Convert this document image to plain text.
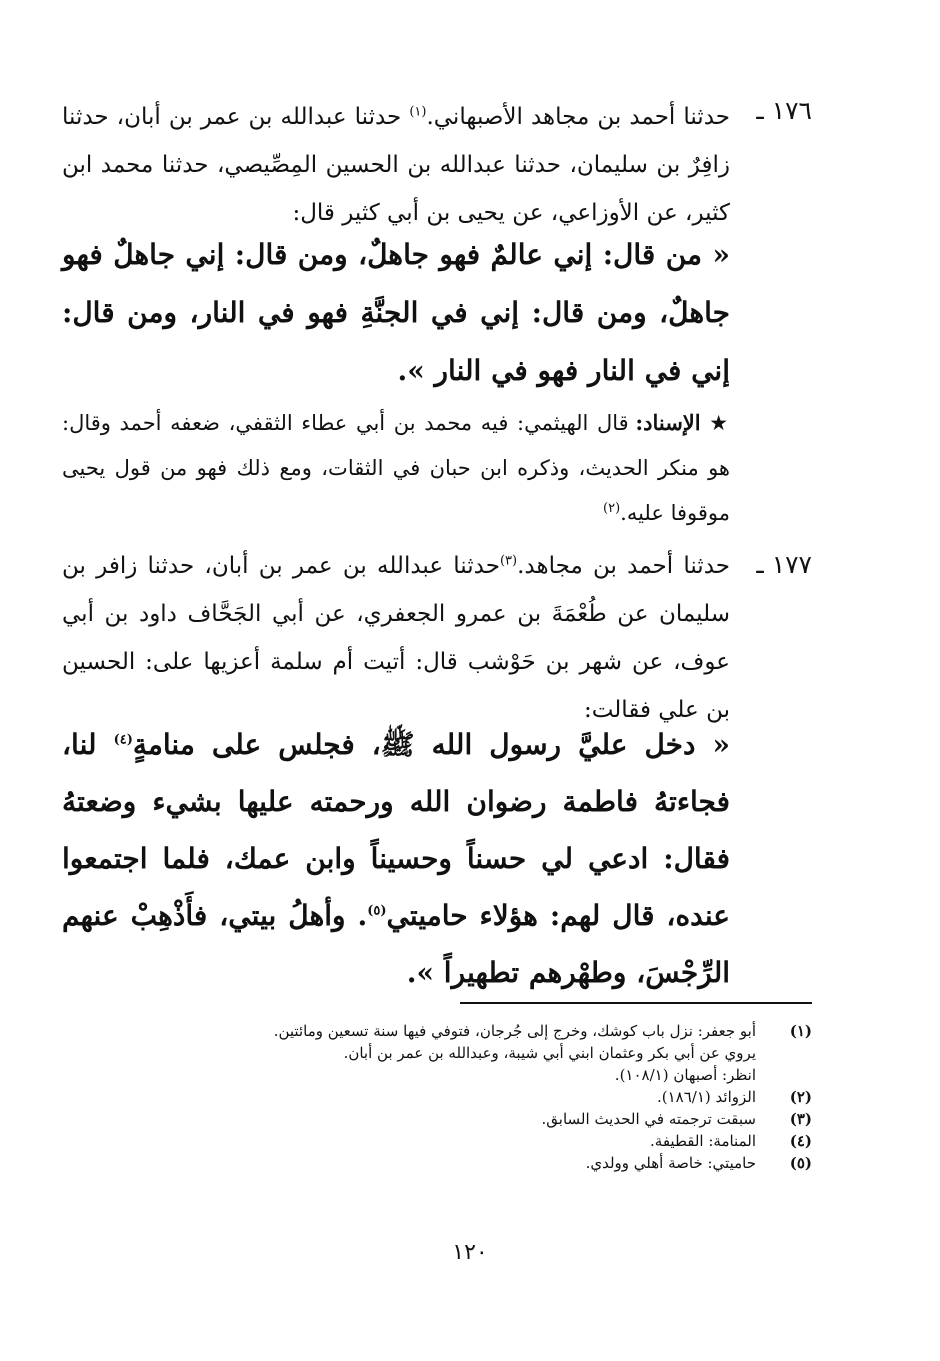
١٧٦ ـ
حدثنا أحمد بن مجاهد الأصبهاني.$^{(١)}$ حدثنا عبدالله بن عمر بن أبان، حدثنا زافِرٌ بن سليمان، حدثنا عبدالله بن الحسين المِصِّيصي، حدثنا محمد ابن كثير، عن الأوزاعي، عن يحيى بن أبي كثير قال:
« من قال: إني عالمٌ فهو جاهلٌ، ومن قال: إني جاهلٌ فهو جاهلٌ، ومن قال: إني في الجنَّةِ فهو في النار، ومن قال: إني في النار فهو في النار ».
★ الإسناد: قال الهيثمي: فيه محمد بن أبي عطاء الثقفي، ضعفه أحمد وقال: هو منكر الحديث، وذكره ابن حبان في الثقات، ومع ذلك فهو من قول يحيى موقوفا عليه.$^{(٢)}$
١٧٧ ـ
حدثنا أحمد بن مجاهد.$^{(٣)}$حدثنا عبدالله بن عمر بن أبان، حدثنا زافر بن سليمان عن طُعْمَةَ بن عمرو الجعفري، عن أبي الجَحَّاف داود بن أبي عوف، عن شهر بن حَوْشب قال: أتيت أم سلمة أعزيها على: الحسين بن علي فقالت:
« دخل عليَّ رسول الله ﷺ، فجلس على منامةٍ$^{(٤)}$ لنا، فجاءتهُ فاطمة رضوان الله ورحمته عليها بشيء وضعتهُ فقال: ادعي لي حسناً وحسيناً وابن عمك، فلما اجتمعوا عنده، قال لهم: هؤلاء حاميتي$^{(٥)}$. وأهلُ بيتي، فأَذْهِبْ عنهم الرِّجْسَ، وطهْرهم تطهيراً ».
(١)
أبو جعفر: نزل باب كوشك، وخرج إلى جُرجان، فتوفي فيها سنة تسعين ومائتين.
يروي عن أبي بكر وعثمان ابني أبي شيبة، وعبدالله بن عمر بن أبان.
انظر: أصبهان (١٠٨/١).
(٢)
الزوائد (١٨٦/١).
(٣)
سبقت ترجمته في الحديث السابق.
(٤)
المنامة: القطيفة.
(٥)
حاميتي: خاصة أهلي وولدي.
١٢٠
